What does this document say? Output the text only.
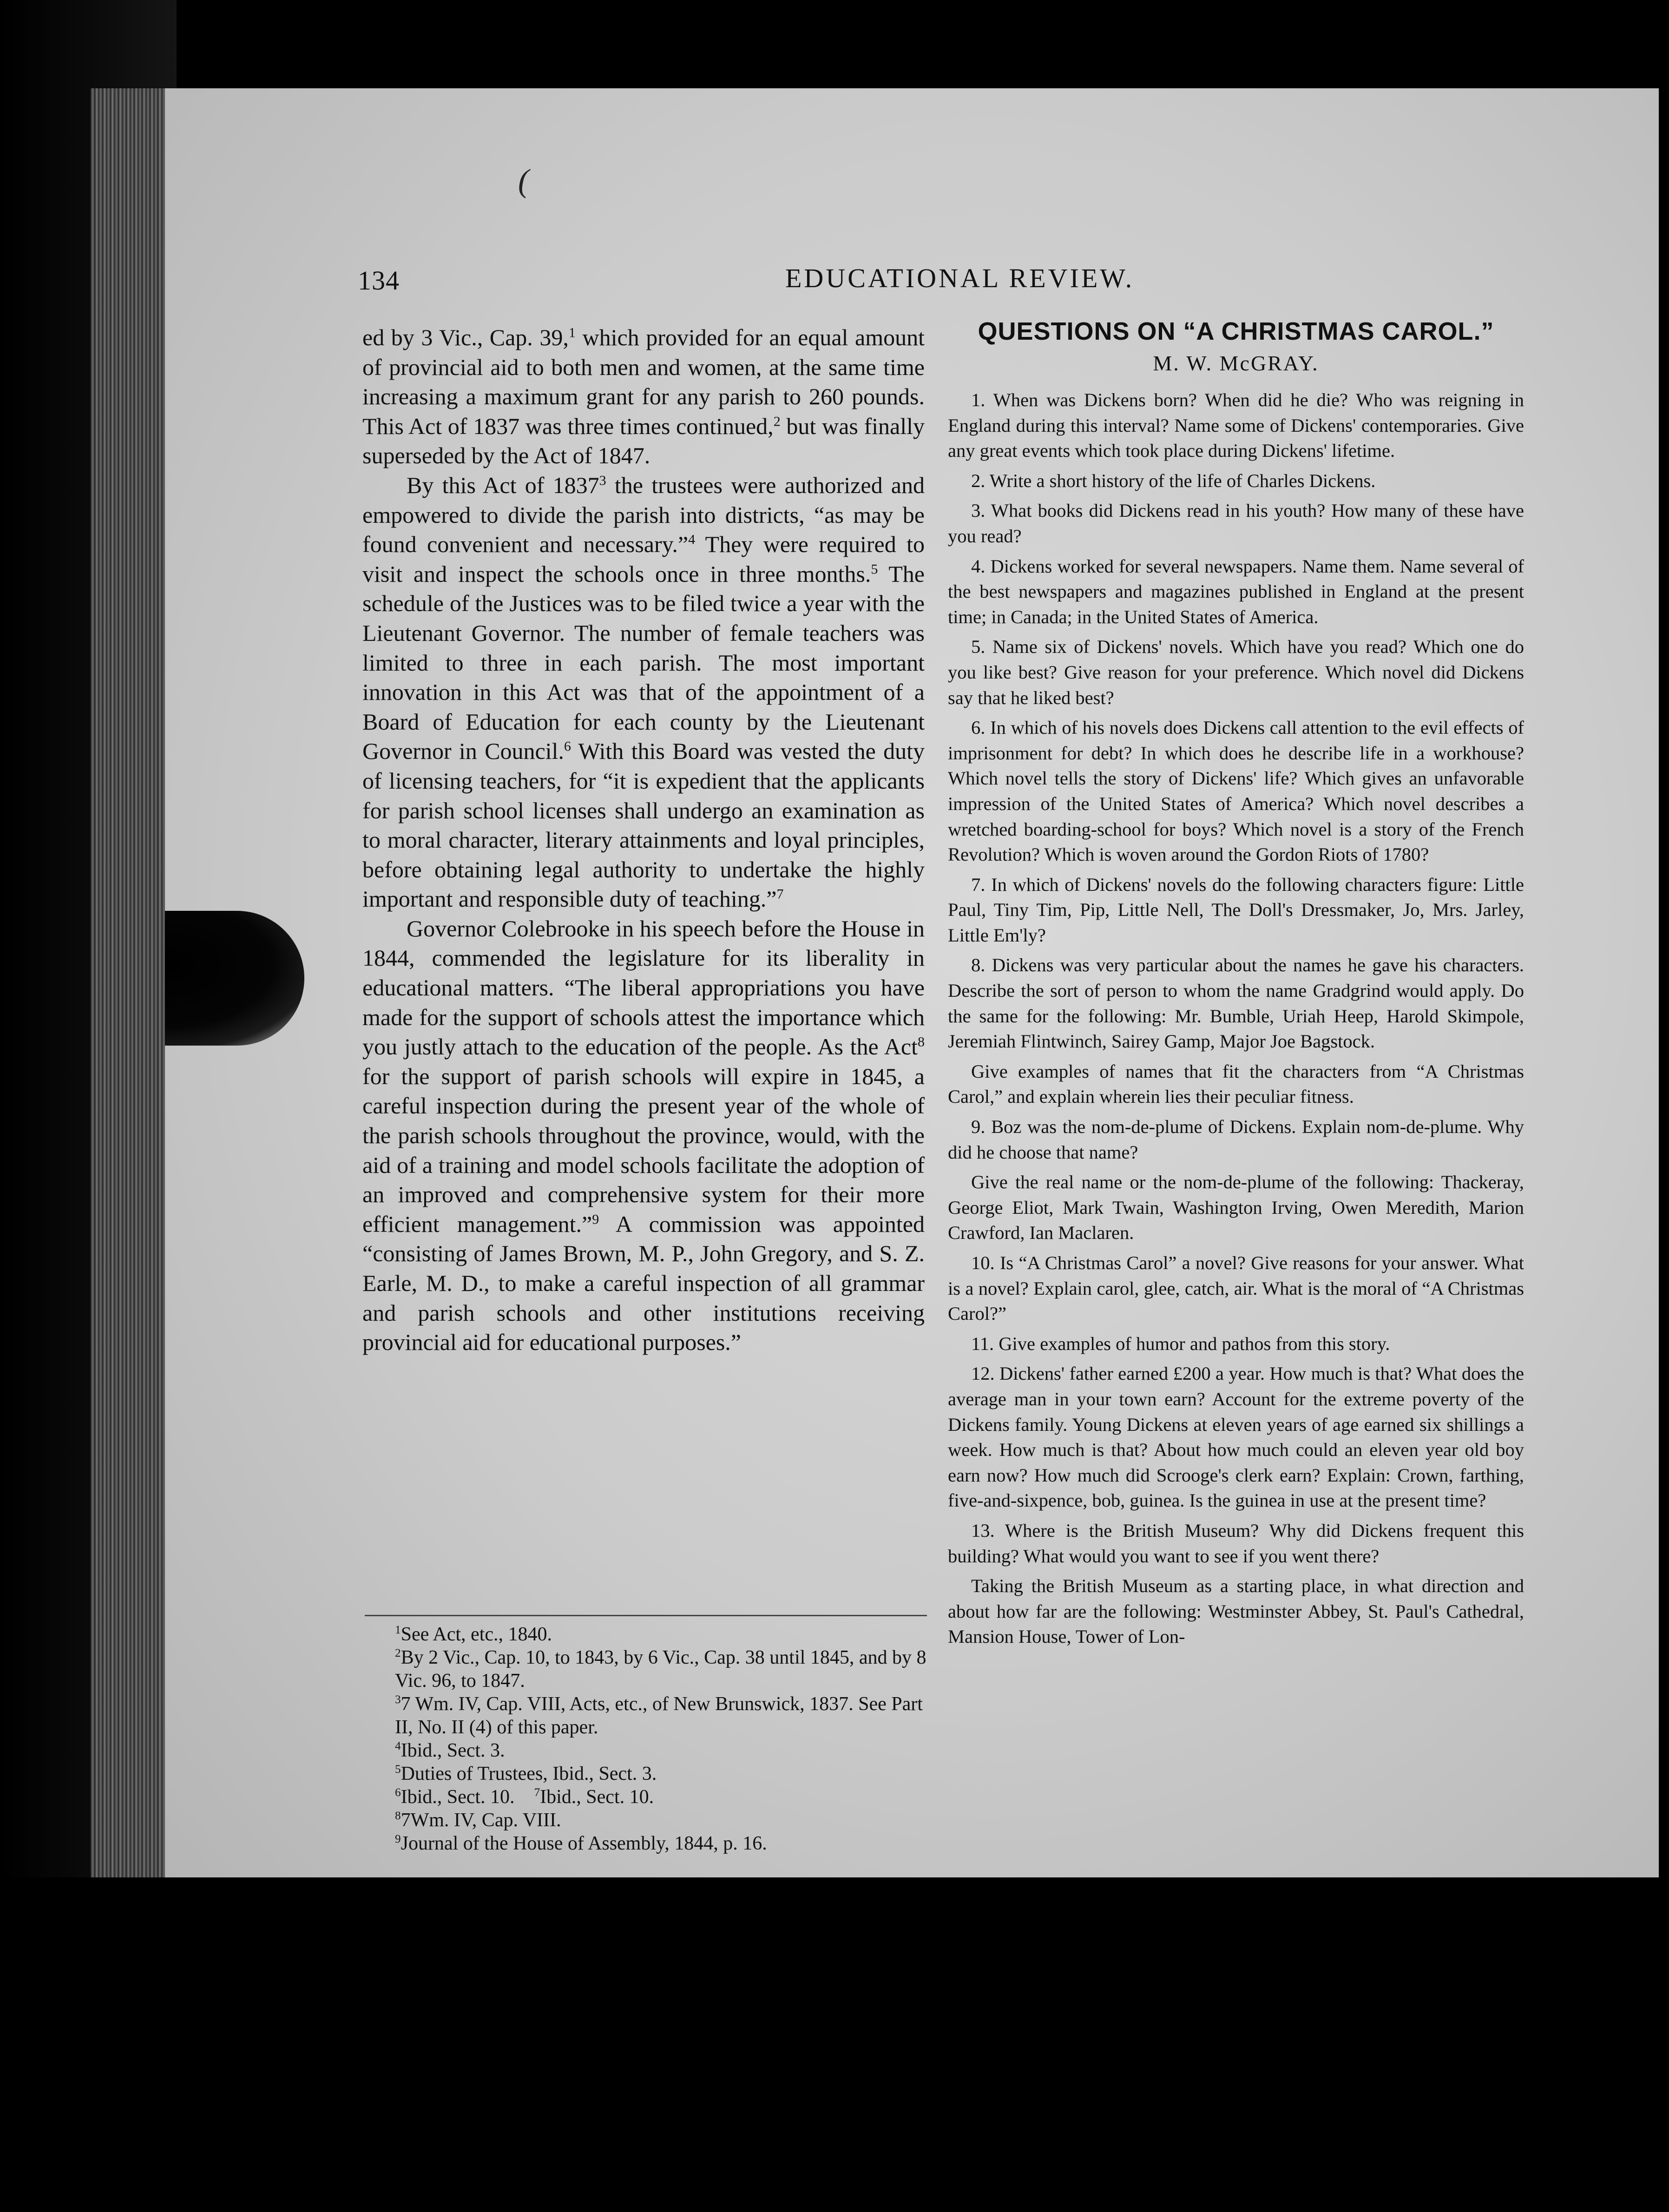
(
134	EDUCATIONAL REVIEW.

ed by 3 Vic., Cap. 39,$^1$ which provided for an equal amount of provincial aid to both men and women, at the same time increasing a maximum grant for any parish to 260 pounds. This Act of 1837 was three times continued,$^2$ but was finally superseded by the Act of 1847.

By this Act of 1837$^3$ the trustees were authorized and empowered to divide the parish into districts, “as may be found convenient and necessary.”$^4$ They were required to visit and inspect the schools once in three months.$^5$ The schedule of the Justices was to be filed twice a year with the Lieutenant Governor. The number of female teachers was limited to three in each parish. The most important innovation in this Act was that of the appointment of a Board of Education for each county by the Lieutenant Governor in Council.$^6$ With this Board was vested the duty of licensing teachers, for “it is expedient that the applicants for parish school licenses shall undergo an examination as to moral character, literary attainments and loyal principles, before obtaining legal authority to undertake the highly important and responsible duty of teaching.”$^7$

Governor Colebrooke in his speech before the House in 1844, commended the legislature for its liberality in educational matters. “The liberal appropriations you have made for the support of schools attest the importance which you justly attach to the education of the people. As the Act$^8$ for the support of parish schools will expire in 1845, a careful inspection during the present year of the whole of the parish schools throughout the province, would, with the aid of a training and model schools facilitate the adoption of an improved and comprehensive system for their more efficient management.”$^9$ A commission was appointed “consisting of James Brown, M. P., John Gregory, and S. Z. Earle, M. D., to make a careful inspection of all grammar and parish schools and other institutions receiving provincial aid for educational purposes.”

$^1$See Act, etc., 1840.

$^2$By 2 Vic., Cap. 10, to 1843, by 6 Vic., Cap. 38 until 1845, and by 8 Vic. 96, to 1847.

$^3$7 Wm. IV, Cap. VIII, Acts, etc., of New Brunswick, 1837. See Part II, No. II (4) of this paper.

$^4$Ibid., Sect. 3.

$^5$Duties of Trustees, Ibid., Sect. 3.

$^6$Ibid., Sect. 10. $^7$Ibid., Sect. 10.

$^8$7Wm. IV, Cap. VIII.

$^9$Journal of the House of Assembly, 1844, p. 16.

QUESTIONS ON “A CHRISTMAS CAROL.”
M. W. McGRAY.

1. When was Dickens born? When did he die? Who was reigning in England during this interval? Name some of Dickens' contemporaries. Give any great events which took place during Dickens' lifetime.

2. Write a short history of the life of Charles Dickens.

3. What books did Dickens read in his youth? How many of these have you read?

4. Dickens worked for several newspapers. Name them. Name several of the best newspapers and magazines published in England at the present time; in Canada; in the United States of America.

5. Name six of Dickens' novels. Which have you read? Which one do you like best? Give reason for your preference. Which novel did Dickens say that he liked best?

6. In which of his novels does Dickens call attention to the evil effects of imprisonment for debt? In which does he describe life in a workhouse? Which novel tells the story of Dickens' life? Which gives an unfavorable impression of the United States of America? Which novel describes a wretched boarding-school for boys? Which novel is a story of the French Revolution? Which is woven around the Gordon Riots of 1780?

7. In which of Dickens' novels do the following characters figure: Little Paul, Tiny Tim, Pip, Little Nell, The Doll's Dressmaker, Jo, Mrs. Jarley, Little Em'ly?

8. Dickens was very particular about the names he gave his characters. Describe the sort of person to whom the name Gradgrind would apply. Do the same for the following: Mr. Bumble, Uriah Heep, Harold Skimpole, Jeremiah Flintwinch, Sairey Gamp, Major Joe Bagstock.

Give examples of names that fit the characters from “A Christmas Carol,” and explain wherein lies their peculiar fitness.

9. Boz was the nom-de-plume of Dickens. Explain nom-de-plume. Why did he choose that name?

Give the real name or the nom-de-plume of the following: Thackeray, George Eliot, Mark Twain, Washington Irving, Owen Meredith, Marion Crawford, Ian Maclaren.

10. Is “A Christmas Carol” a novel? Give reasons for your answer. What is a novel? Explain carol, glee, catch, air. What is the moral of “A Christmas Carol?”

11. Give examples of humor and pathos from this story.

12. Dickens' father earned £200 a year. How much is that? What does the average man in your town earn? Account for the extreme poverty of the Dickens family. Young Dickens at eleven years of age earned six shillings a week. How much is that? About how much could an eleven year old boy earn now? How much did Scrooge's clerk earn? Explain: Crown, farthing, five-and-sixpence, bob, guinea. Is the guinea in use at the present time?

13. Where is the British Museum? Why did Dickens frequent this building? What would you want to see if you went there?

Taking the British Museum as a starting place, in what direction and about how far are the following: Westminster Abbey, St. Paul's Cathedral, Mansion House, Tower of Lon-
